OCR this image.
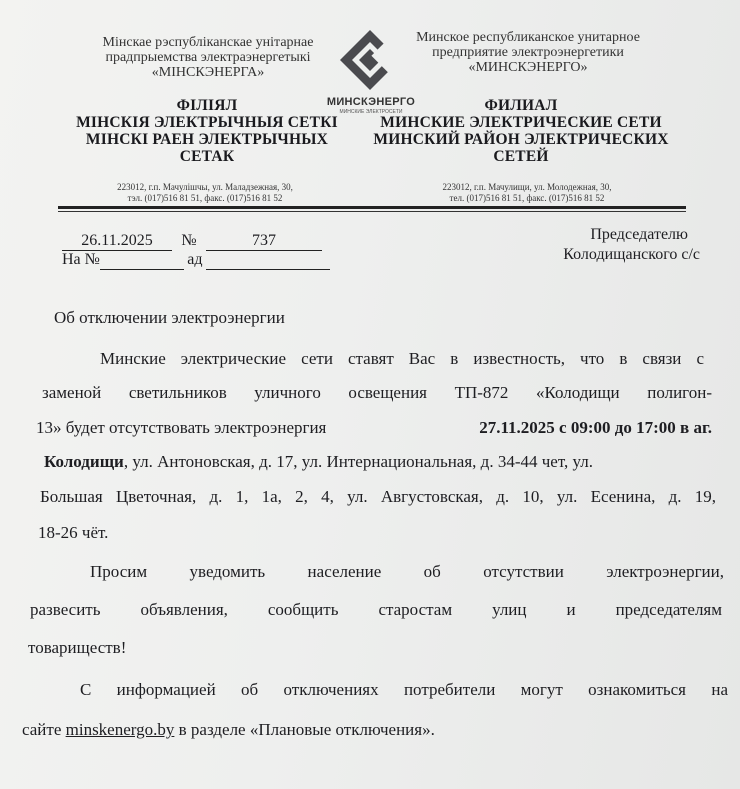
Мінскае рэспубліканскае унітарнае
прадпрыемства электраэнергетыкі
«МІНСКЭНЕРГА»
Минское республиканское унитарное
предприятие электроэнергетики
«МИНСКЭНЕРГО»
МИНСКЭНЕРГО
МИНСКИЕ ЭЛЕКТРОСЕТИ
ФІЛІЯЛ
МІНСКІЯ ЭЛЕКТРЫЧНЫЯ СЕТКІ
МІНСКІ РАЕН ЭЛЕКТРЫЧНЫХ
СЕТАК
ФИЛИАЛ
МИНСКИЕ ЭЛЕКТРИЧЕСКИЕ СЕТИ
МИНСКИЙ РАЙОН ЭЛЕКТРИЧЕСКИХ
СЕТЕЙ
223012, г.п. Мачулішчы, ул. Маладзежная, 30,
тэл. (017)516 81 51, факс. (017)516 81 52
223012, г.п. Мачулищи, ул. Молодежная, 30,
тел. (017)516 81 51, факс. (017)516 81 52
26.11.2025 №	737
На №	ад
Председателю
Колодищанского с/с
Об отключении электроэнергии
Минские электрические сети ставят Вас в известность, что в связи с
заменой светильников уличного освещения ТП-872 «Колодищи полигон-
13» будет отсутствовать электроэнергия	27.11.2025 с 09:00 до 17:00 в аг.
Колодищи, ул. Антоновская, д. 17, ул. Интернациональная, д. 34-44 чет, ул.
Большая Цветочная, д. 1, 1а, 2, 4, ул. Августовская, д. 10, ул. Есенина, д. 19,
18-26 чёт.
Просим уведомить население об отсутствии электроэнергии,
развесить объявления, сообщить старостам улиц и председателям
товариществ!
С информацией об отключениях потребители могут ознакомиться на
сайте minskenergo.by в разделе «Плановые отключения».
